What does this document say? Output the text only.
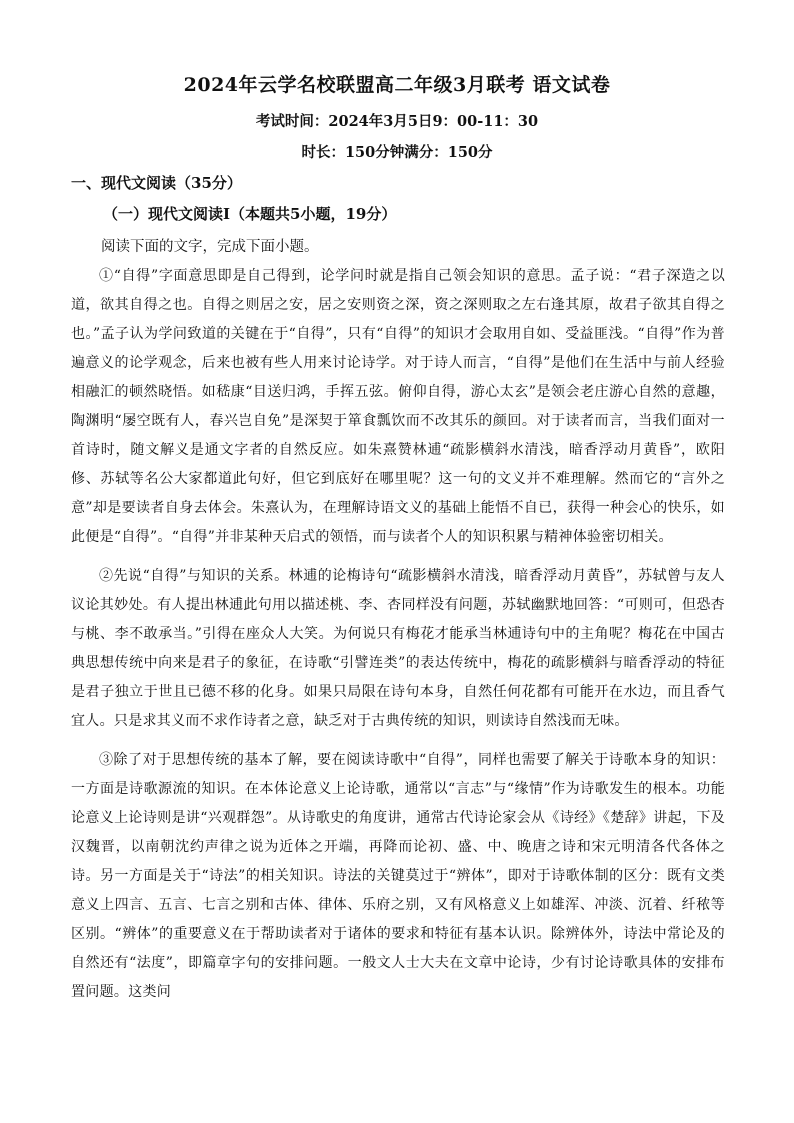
2024年云学名校联盟高二年级3月联考 语文试卷
考试时间：2024年3月5日9：00-11：30
时长：150分钟满分：150分
一、现代文阅读（35分）
（一）现代文阅读Ⅰ（本题共5小题，19分）
阅读下面的文字，完成下面小题。

①“自得”字面意思即是自己得到，论学问时就是指自己领会知识的意思。孟子说：“君子深造之以道，欲其自得之也。自得之则居之安，居之安则资之深，资之深则取之左右逢其原，故君子欲其自得之也。”孟子认为学问致道的关键在于“自得”，只有“自得”的知识才会取用自如、受益匪浅。“自得”作为普遍意义的论学观念，后来也被有些人用来讨论诗学。对于诗人而言，“自得”是他们在生活中与前人经验相融汇的顿然晓悟。如嵇康“目送归鸿，手挥五弦。俯仰自得，游心太玄”是领会老庄游心自然的意趣，陶渊明“屡空既有人，春兴岂自免”是深契于箪食瓢饮而不改其乐的颜回。对于读者而言，当我们面对一首诗时，随文解义是通文字者的自然反应。如朱熹赞林逋“疏影横斜水清浅，暗香浮动月黄昏”，欧阳修、苏轼等名公大家都道此句好，但它到底好在哪里呢？这一句的文义并不难理解。然而它的“言外之意”却是要读者自身去体会。朱熹认为，在理解诗语文义的基础上能悟不自已，获得一种会心的快乐，如此便是“自得”。“自得”并非某种天启式的领悟，而与读者个人的知识积累与精神体验密切相关。

②先说“自得”与知识的关系。林逋的论梅诗句“疏影横斜水清浅，暗香浮动月黄昏”，苏轼曾与友人议论其妙处。有人提出林逋此句用以描述桃、李、杏同样没有问题，苏轼幽默地回答：“可则可，但恐杏与桃、李不敢承当。”引得在座众人大笑。为何说只有梅花才能承当林逋诗句中的主角呢？梅花在中国古典思想传统中向来是君子的象征，在诗歌“引譬连类”的表达传统中，梅花的疏影横斜与暗香浮动的特征是君子独立于世且已德不移的化身。如果只局限在诗句本身，自然任何花都有可能开在水边，而且香气宜人。只是求其义而不求作诗者之意，缺乏对于古典传统的知识，则读诗自然浅而无味。

③除了对于思想传统的基本了解，要在阅读诗歌中“自得”，同样也需要了解关于诗歌本身的知识：一方面是诗歌源流的知识。在本体论意义上论诗歌，通常以“言志”与“缘情”作为诗歌发生的根本。功能论意义上论诗则是讲“兴观群怨”。从诗歌史的角度讲，通常古代诗论家会从《诗经》《楚辞》讲起，下及汉魏晋，以南朝沈约声律之说为近体之开端，再降而论初、盛、中、晚唐之诗和宋元明清各代各体之诗。另一方面是关于“诗法”的相关知识。诗法的关键莫过于“辨体”，即对于诗歌体制的区分：既有文类意义上四言、五言、七言之别和古体、律体、乐府之别，又有风格意义上如雄浑、冲淡、沉着、纤秾等区别。“辨体”的重要意义在于帮助读者对于诸体的要求和特征有基本认识。除辨体外，诗法中常论及的自然还有“法度”，即篇章字句的安排问题。一般文人士大夫在文章中论诗，少有讨论诗歌具体的安排布置问题。这类问
